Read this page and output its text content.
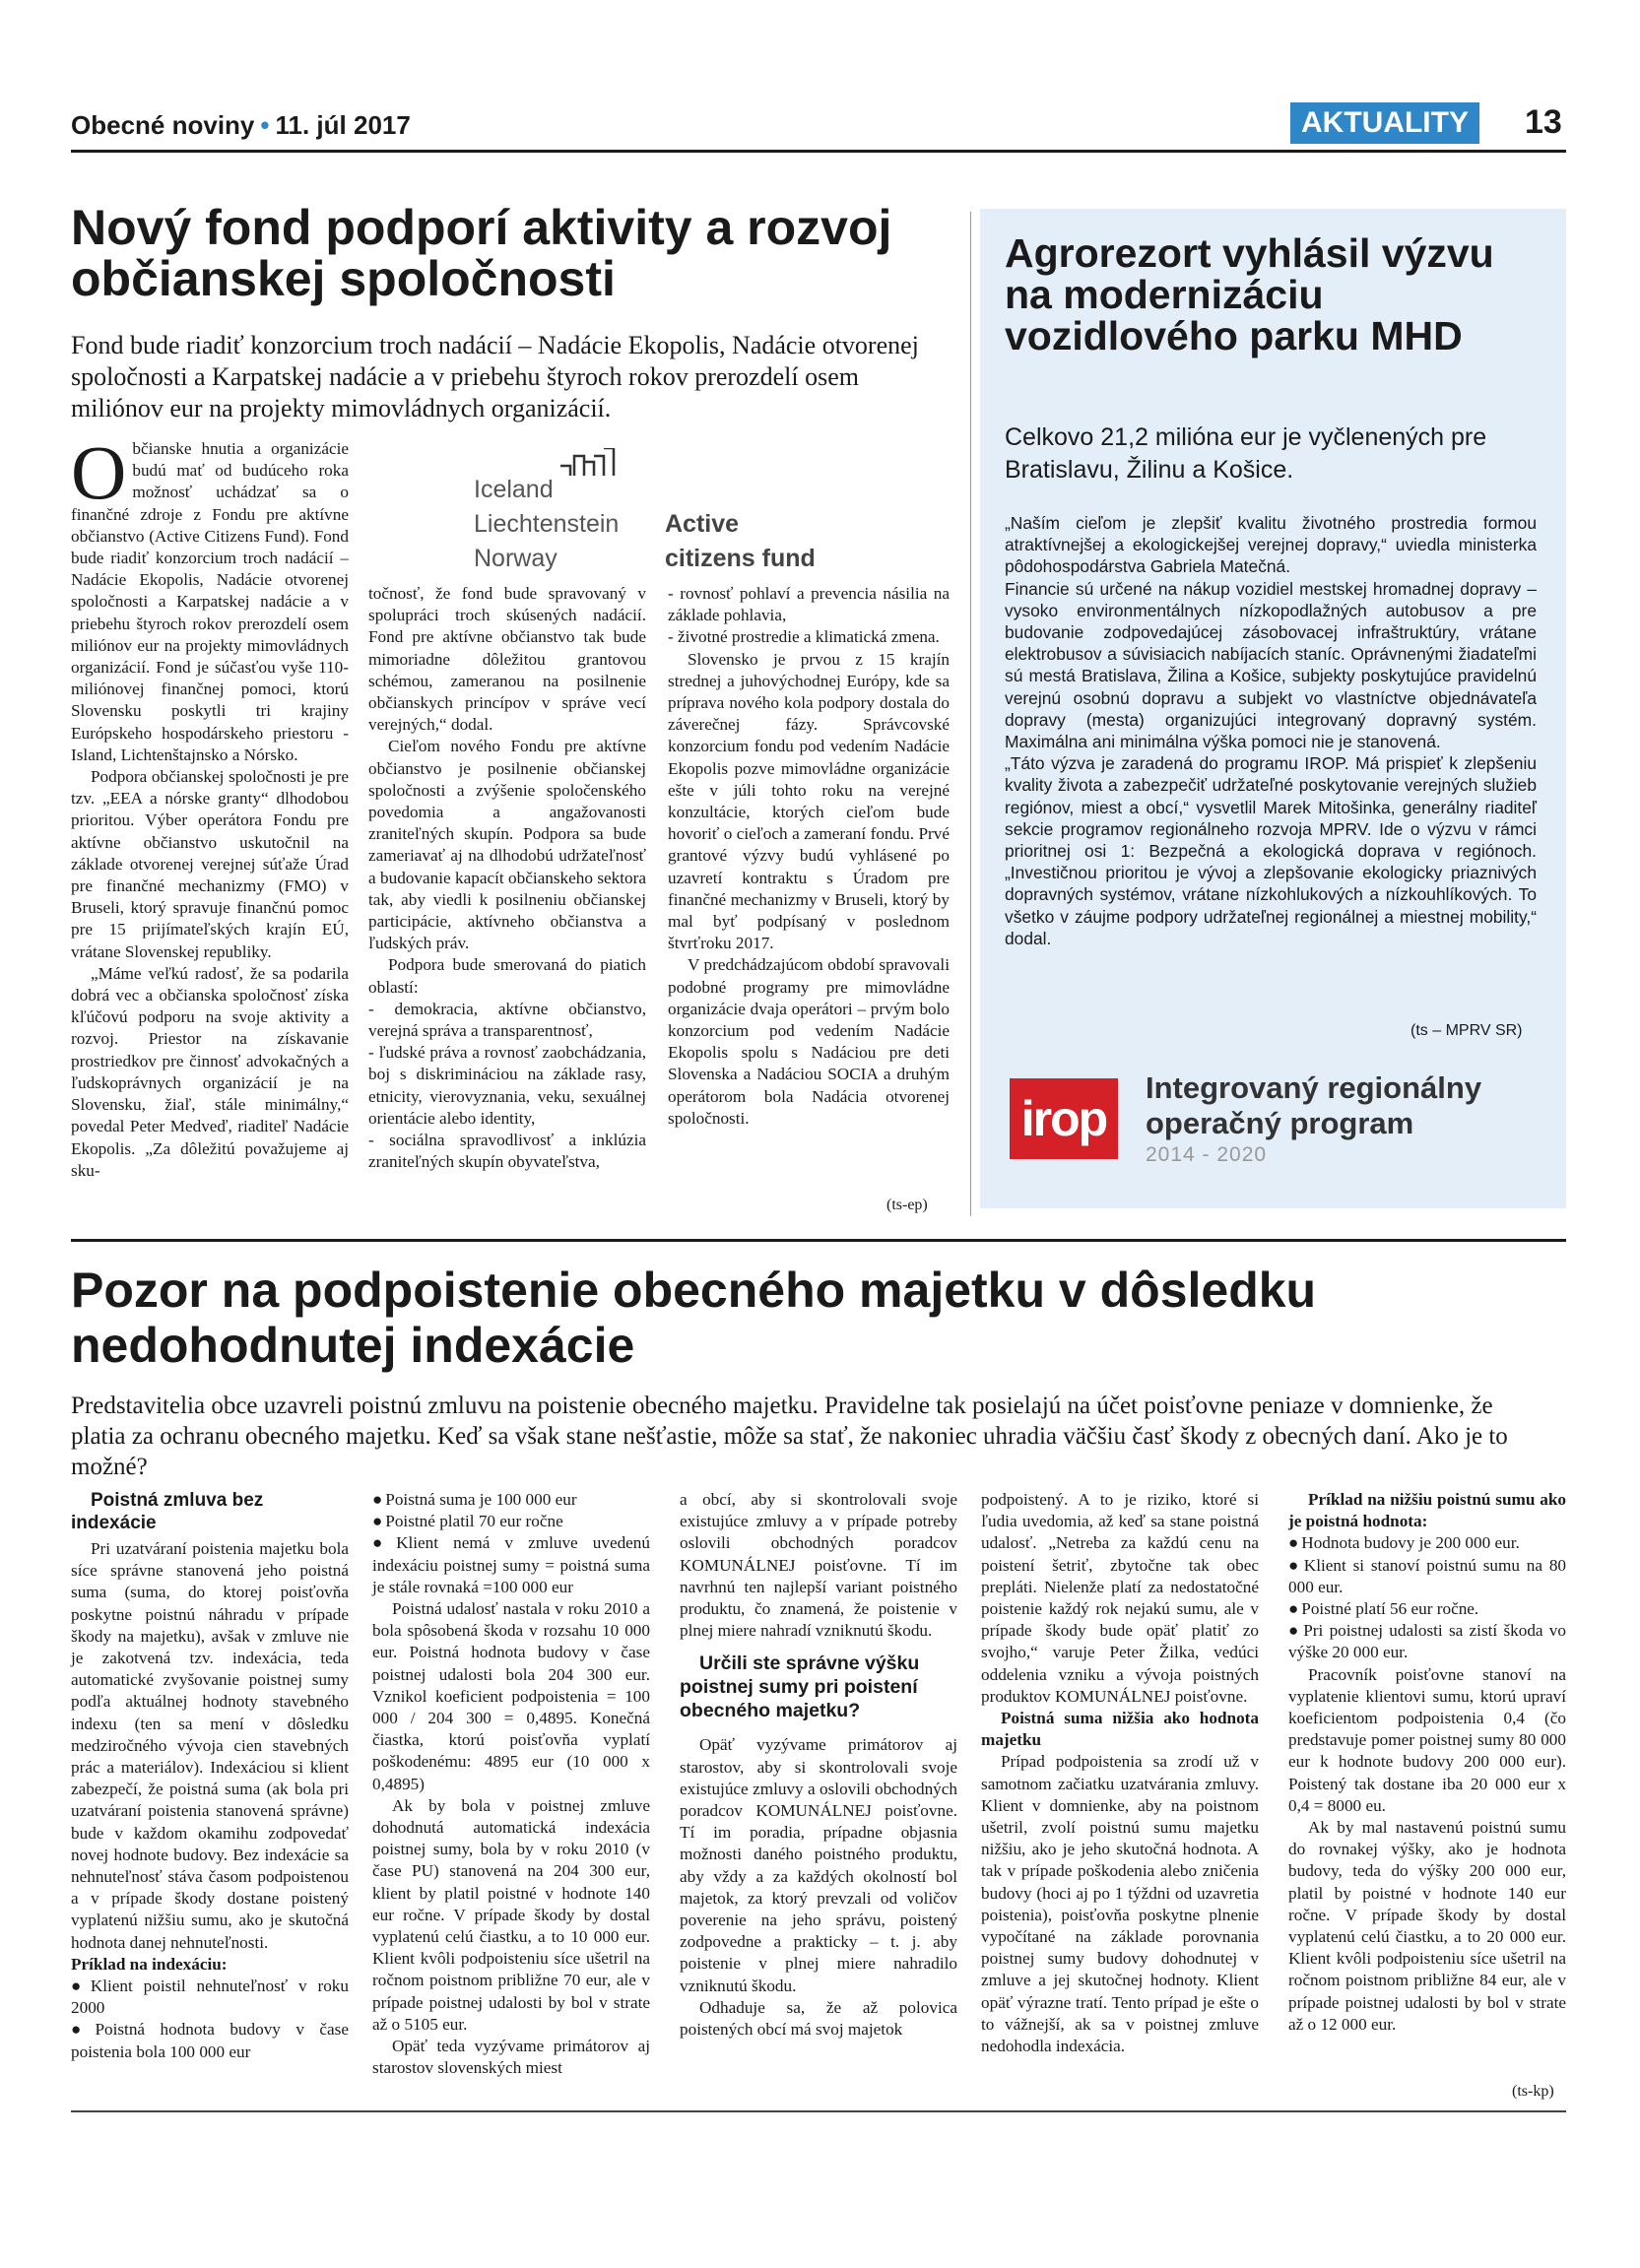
Obecné noviny • 11. júl 2017	AKTUALITY	13
Nový fond podporí aktivity a rozvoj občianskej spoločnosti
Fond bude riadiť konzorcium troch nadácií – Nadácie Ekopolis, Nadácie otvorenej spoločnosti a Karpatskej nadácie a v priebehu štyroch rokov prerozdelí osem miliónov eur na projekty mimovládnych organizácií.
Iceland
Liechtenstein
Norway
Active
citizens fund

Občianske hnutia a organizácie budú mať od budúceho roka možnosť uchádzať sa o finančné zdroje z Fondu pre aktívne občianstvo (Active Citizens Fund). Fond bude riadiť konzorcium troch nadácií – Nadácie Ekopolis, Nadácie otvorenej spoločnosti a Karpatskej nadácie a v priebehu štyroch rokov prerozdelí osem miliónov eur na projekty mimovládnych organizácií. Fond je súčasťou vyše 110-miliónovej finančnej pomoci, ktorú Slovensku poskytli tri krajiny Európskeho hospodárskeho priestoru - Island, Lichtenštajnsko a Nórsko.

Podpora občianskej spoločnosti je pre tzv. „EEA a nórske granty“ dlhodobou prioritou. Výber operátora Fondu pre aktívne občianstvo uskutočnil na základe otvorenej verejnej súťaže Úrad pre finančné mechanizmy (FMO) v Bruseli, ktorý spravuje finančnú pomoc pre 15 prijímateľských krajín EÚ, vrátane Slovenskej republiky.

„Máme veľkú radosť, že sa podarila dobrá vec a občianska spoločnosť získa kľúčovú podporu na svoje aktivity a rozvoj. Priestor na získavanie prostriedkov pre činnosť advokačných a ľudskoprávnych organizácií je na Slovensku, žiaľ, stále minimálny,“ povedal Peter Medveď, riaditeľ Nadácie Ekopolis. „Za dôležitú považujeme aj sku-

točnosť, že fond bude spravovaný v spolupráci troch skúsených nadácií. Fond pre aktívne občianstvo tak bude mimoriadne dôležitou grantovou schémou, zameranou na posilnenie občianskych princípov v správe vecí verejných,“ dodal.

Cieľom nového Fondu pre aktívne občianstvo je posilnenie občianskej spoločnosti a zvýšenie spoločenského povedomia a angažovanosti zraniteľných skupín. Podpora sa bude zameriavať aj na dlhodobú udržateľnosť a budovanie kapacít občianskeho sektora tak, aby viedli k posilneniu občianskej participácie, aktívneho občianstva a ľudských práv.

Podpora bude smerovaná do piatich oblastí:

- demokracia, aktívne občianstvo, verejná správa a transparentnosť,

- ľudské práva a rovnosť zaobchádzania, boj s diskrimináciou na základe rasy, etnicity, vierovyznania, veku, sexuálnej orientácie alebo identity,

- sociálna spravodlivosť a inklúzia zraniteľných skupín obyvateľstva,

- rovnosť pohlaví a prevencia násilia na základe pohlavia,

- životné prostredie a klimatická zmena.

Slovensko je prvou z 15 krajín strednej a juhovýchodnej Európy, kde sa príprava nového kola podpory dostala do záverečnej fázy. Správcovské konzorcium fondu pod vedením Nadácie Ekopolis pozve mimovládne organizácie ešte v júli tohto roku na verejné konzultácie, ktorých cieľom bude hovoriť o cieľoch a zameraní fondu. Prvé grantové výzvy budú vyhlásené po uzavretí kontraktu s Úradom pre finančné mechanizmy v Bruseli, ktorý by mal byť podpísaný v poslednom štvrťroku 2017.

V predchádzajúcom období spravovali podobné programy pre mimovládne organizácie dvaja operátori – prvým bolo konzorcium pod vedením Nadácie Ekopolis spolu s Nadáciou pre deti Slovenska a Nadáciou SOCIA a druhým operátorom bola Nadácia otvorenej spoločnosti.

(ts-ep)
Agrorezort vyhlásil výzvu na modernizáciu vozidlového parku MHD
Celkovo 21,2 milióna eur je vyčlenených pre Bratislavu, Žilinu a Košice.

„Naším cieľom je zlepšiť kvalitu životného prostredia formou atraktívnejšej a ekologickejšej verejnej dopravy,“ uviedla ministerka pôdohospodárstva Gabriela Matečná.

Financie sú určené na nákup vozidiel mestskej hromadnej dopravy – vysoko environmentálnych nízkopodlažných autobusov a pre budovanie zodpovedajúcej zásobovacej infraštruktúry, vrátane elektrobusov a súvisiacich nabíjacích staníc. Oprávnenými žiadateľmi sú mestá Bratislava, Žilina a Košice, subjekty poskytujúce pravidelnú verejnú osobnú dopravu a subjekt vo vlastníctve objednávateľa dopravy (mesta) organizujúci integrovaný dopravný systém. Maximálna ani minimálna výška pomoci nie je stanovená.

„Táto výzva je zaradená do programu IROP. Má prispieť k zlepšeniu kvality života a zabezpečiť udržateľné poskytovanie verejných služieb regiónov, miest a obcí,“ vysvetlil Marek Mitošinka, generálny riaditeľ sekcie programov regionálneho rozvoja MPRV. Ide o výzvu v rámci prioritnej osi 1: Bezpečná a ekologická doprava v regiónoch. „Investičnou prioritou je vývoj a zlepšovanie ekologicky priaznivých dopravných systémov, vrátane nízkohlukových a nízkouhlíkových. To všetko v záujme podpory udržateľnej regionálnej a miestnej mobility,“ dodal.

(ts – MPRV SR)
irop
Integrovaný regionálny
operačný program
2014 - 2020
Pozor na podpoistenie obecného majetku v dôsledku nedohodnutej indexácie
Predstavitelia obce uzavreli poistnú zmluvu na poistenie obecného majetku. Pravidelne tak posielajú na účet poisťovne peniaze v domnienke, že platia za ochranu obecného majetku. Keď sa však stane nešťastie, môže sa stať, že nakoniec uhradia väčšiu časť škody z obecných daní. Ako je to možné?

Poistná zmluva bez indexácie

Pri uzatváraní poistenia majetku bola síce správne stanovená jeho poistná suma (suma, do ktorej poisťovňa poskytne poistnú náhradu v prípade škody na majetku), avšak v zmluve nie je zakotvená tzv. indexácia, teda automatické zvyšovanie poistnej sumy podľa aktuálnej hodnoty stavebného indexu (ten sa mení v dôsledku medziročného vývoja cien stavebných prác a materiálov). Indexáciou si klient zabezpečí, že poistná suma (ak bola pri uzatváraní poistenia stanovená správne) bude v každom okamihu zodpovedať novej hodnote budovy. Bez indexácie sa nehnuteľnosť stáva časom podpoistenou a v prípade škody dostane poistený vyplatenú nižšiu sumu, ako je skutočná hodnota danej nehnuteľnosti.

Príklad na indexáciu:

● Klient poistil nehnuteľnosť v roku 2000

● Poistná hodnota budovy v čase poistenia bola 100 000 eur

● Poistná suma je 100 000 eur

● Poistné platil 70 eur ročne

● Klient nemá v zmluve uvedenú indexáciu poistnej sumy = poistná suma je stále rovnaká =100 000 eur

Poistná udalosť nastala v roku 2010 a bola spôsobená škoda v rozsahu 10 000 eur. Poistná hodnota budovy v čase poistnej udalosti bola 204 300 eur. Vznikol koeficient podpoistenia = 100 000 / 204 300 = 0,4895. Konečná čiastka, ktorú poisťovňa vyplatí poškodenému: 4895 eur (10 000 x 0,4895)

Ak by bola v poistnej zmluve dohodnutá automatická indexácia poistnej sumy, bola by v roku 2010 (v čase PU) stanovená na 204 300 eur, klient by platil poistné v hodnote 140 eur ročne. V prípade škody by dostal vyplatenú celú čiastku, a to 10 000 eur. Klient kvôli podpoisteniu síce ušetril na ročnom poistnom približne 70 eur, ale v prípade poistnej udalosti by bol v strate až o 5105 eur.

Opäť teda vyzývame primátorov aj starostov slovenských miest

a obcí, aby si skontrolovali svoje existujúce zmluvy a v prípade potreby oslovili obchodných poradcov KOMUNÁLNEJ poisťovne. Tí im navrhnú ten najlepší variant poistného produktu, čo znamená, že poistenie v plnej miere nahradí vzniknutú škodu.

Určili ste správne výšku poistnej sumy pri poistení obecného majetku?

Opäť vyzývame primátorov aj starostov, aby si skontrolovali svoje existujúce zmluvy a oslovili obchodných poradcov KOMUNÁLNEJ poisťovne. Tí im poradia, prípadne objasnia možnosti daného poistného produktu, aby vždy a za každých okolností bol majetok, za ktorý prevzali od voličov poverenie na jeho správu, poistený zodpovedne a prakticky – t. j. aby poistenie v plnej miere nahradilo vzniknutú škodu.

Odhaduje sa, že až polovica poistených obcí má svoj majetok

podpoistený. A to je riziko, ktoré si ľudia uvedomia, až keď sa stane poistná udalosť. „Netreba za každú cenu na poistení šetriť, zbytočne tak obec prepláti. Nielenže platí za nedostatočné poistenie každý rok nejakú sumu, ale v prípade škody bude opäť platiť zo svojho,“ varuje Peter Žilka, vedúci oddelenia vzniku a vývoja poistných produktov KOMUNÁLNEJ poisťovne.

Poistná suma nižšia ako hodnota majetku

Prípad podpoistenia sa zrodí už v samotnom začiatku uzatvárania zmluvy. Klient v domnienke, aby na poistnom ušetril, zvolí poistnú sumu majetku nižšiu, ako je jeho skutočná hodnota. A tak v prípade poškodenia alebo zničenia budovy (hoci aj po 1 týždni od uzavretia poistenia), poisťovňa poskytne plnenie vypočítané na základe porovnania poistnej sumy budovy dohodnutej v zmluve a jej skutočnej hodnoty. Klient opäť výrazne tratí. Tento prípad je ešte o to vážnejší, ak sa v poistnej zmluve nedohodla indexácia.

Príklad na nižšiu poistnú sumu ako je poistná hodnota:

● Hodnota budovy je 200 000 eur.

● Klient si stanoví poistnú sumu na 80 000 eur.

● Poistné platí 56 eur ročne.

● Pri poistnej udalosti sa zistí škoda vo výške 20 000 eur.

Pracovník poisťovne stanoví na vyplatenie klientovi sumu, ktorú upraví koeficientom podpoistenia 0,4 (čo predstavuje pomer poistnej sumy 80 000 eur k hodnote budovy 200 000 eur). Poistený tak dostane iba 20 000 eur x 0,4 = 8000 eu.

Ak by mal nastavenú poistnú sumu do rovnakej výšky, ako je hodnota budovy, teda do výšky 200 000 eur, platil by poistné v hodnote 140 eur ročne. V prípade škody by dostal vyplatenú celú čiastku, a to 20 000 eur. Klient kvôli podpoisteniu síce ušetril na ročnom poistnom približne 84 eur, ale v prípade poistnej udalosti by bol v strate až o 12 000 eur.

(ts-kp)
